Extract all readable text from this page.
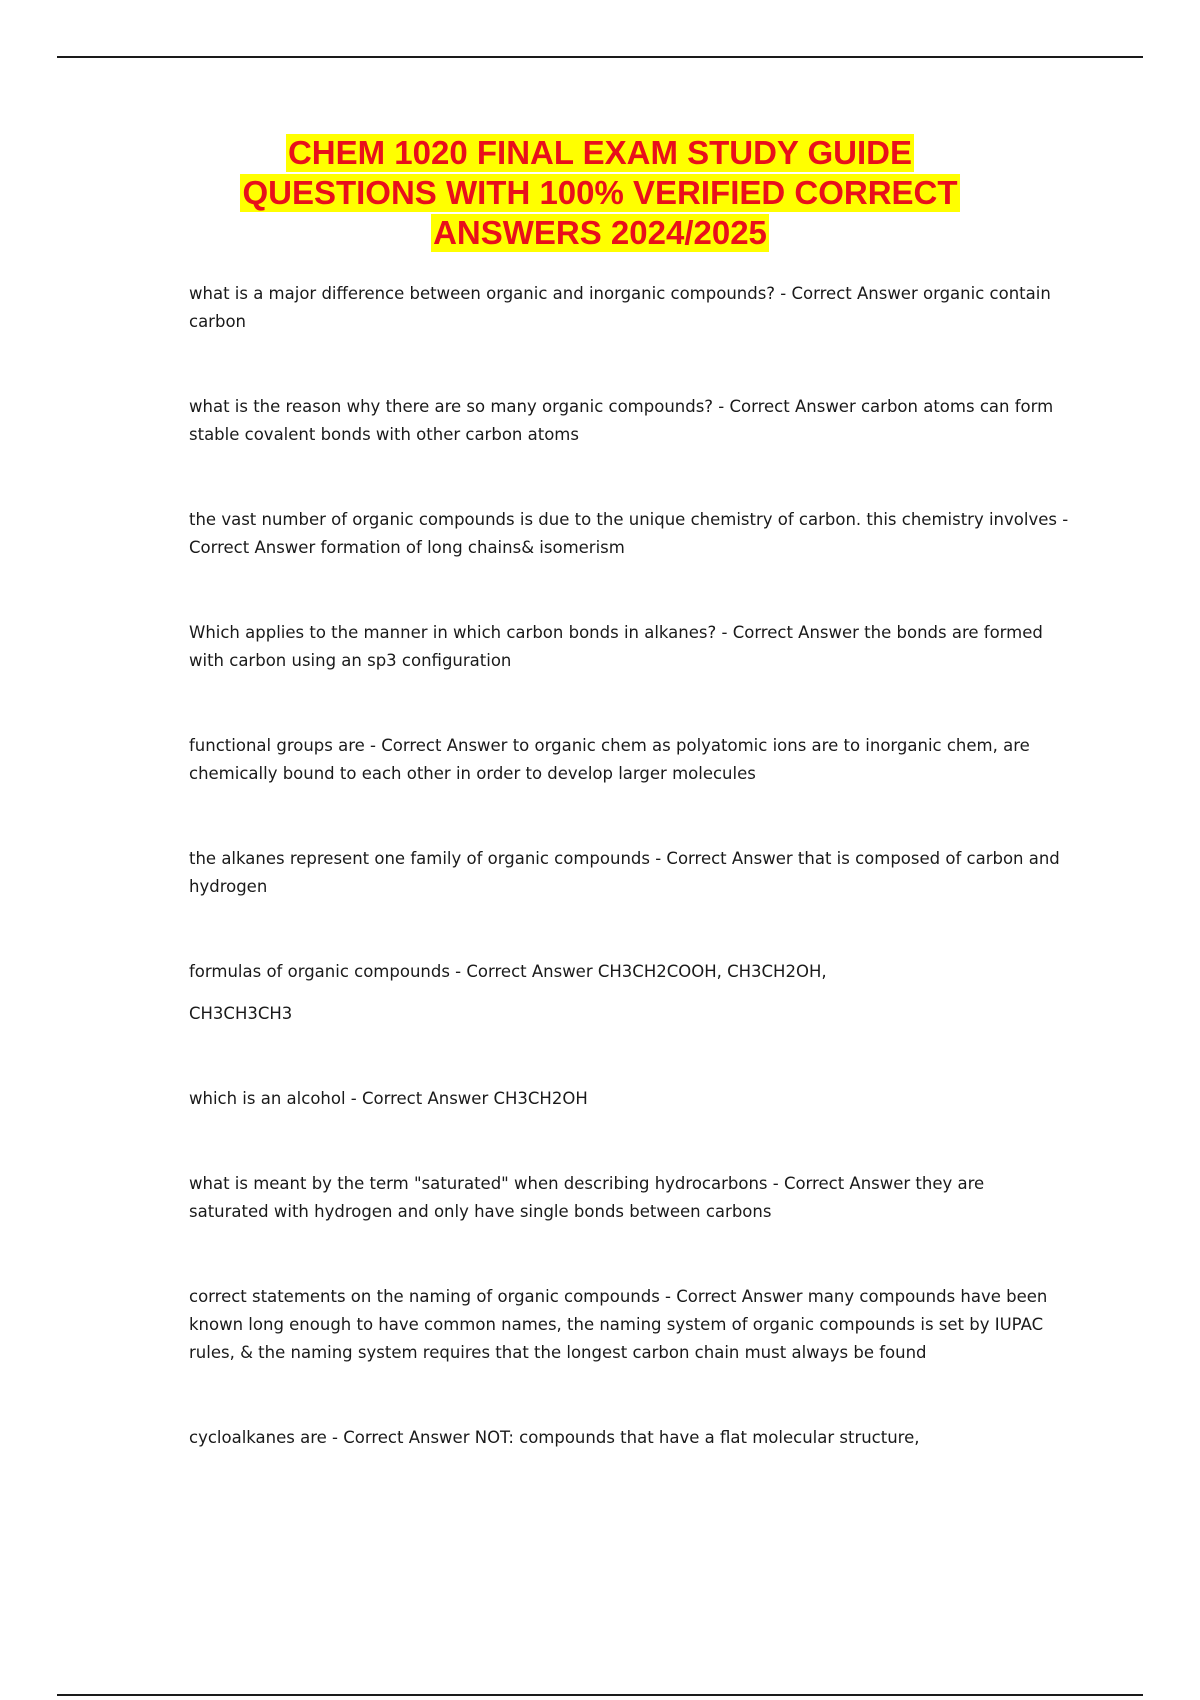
CHEM 1020 FINAL EXAM STUDY GUIDE
QUESTIONS WITH 100% VERIFIED CORRECT
ANSWERS 2024/2025

what is a major difference between organic and inorganic compounds? - Correct Answer organic contain carbon

what is the reason why there are so many organic compounds? - Correct Answer carbon atoms can form stable covalent bonds with other carbon atoms

the vast number of organic compounds is due to the unique chemistry of carbon. this chemistry involves - Correct Answer formation of long chains& isomerism

Which applies to the manner in which carbon bonds in alkanes? - Correct Answer the bonds are formed with carbon using an sp3 configuration

functional groups are - Correct Answer to organic chem as polyatomic ions are to inorganic chem, are chemically bound to each other in order to develop larger molecules

the alkanes represent one family of organic compounds - Correct Answer that is composed of carbon and hydrogen

formulas of organic compounds - Correct Answer CH3CH2COOH, CH3CH2OH,
CH3CH3CH3

which is an alcohol - Correct Answer CH3CH2OH

what is meant by the term "saturated" when describing hydrocarbons - Correct Answer they are saturated with hydrogen and only have single bonds between carbons

correct statements on the naming of organic compounds - Correct Answer many compounds have been known long enough to have common names, the naming system of organic compounds is set by IUPAC rules, & the naming system requires that the longest carbon chain must always be found

cycloalkanes are - Correct Answer NOT: compounds that have a flat molecular structure,
